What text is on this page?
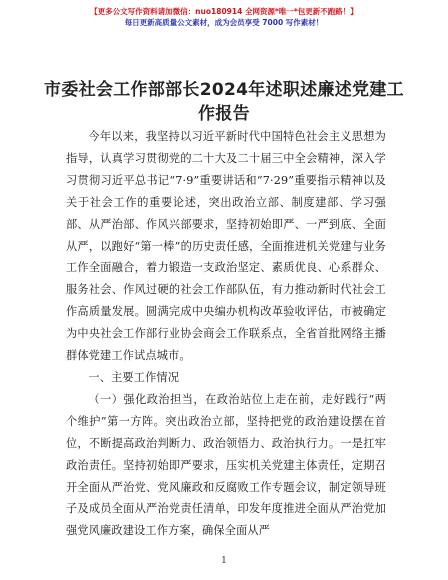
【更多公文写作资料请加微信：nuo180914 全网资源*唯一*包更新不跑路！】
每日更新高质量公文素材，成为会员享受 7000 写作素材！
市委社会工作部部长2024年述职述廉述党建工作报告

今年以来，我坚持以习近平新时代中国特色社会主义思想为指导，认真学习贯彻党的二十大及二十届三中全会精神，深入学习贯彻习近平总书记“7·9”重要讲话和“7·29”重要指示精神以及关于社会工作的重要论述，突出政治立部、制度建部、学习强部、从严治部、作风兴部要求，坚持初始即严、一严到底、全面从严，以跑好“第一棒”的历史责任感，全面推进机关党建与业务工作全面融合，着力锻造一支政治坚定、素质优良、心系群众、服务社会、作风过硬的社会工作部队伍，有力推动新时代社会工作高质量发展。圆满完成中央编办机构改革验收评估，市被确定为中央社会工作部行业协会商会工作联系点，全省首批网络主播群体党建工作试点城市。

一、主要工作情况

（一）强化政治担当，在政治站位上走在前，走好践行“两个维护”第一方阵。突出政治立部，坚持把党的政治建设摆在首位，不断提高政治判断力、政治领悟力、政治执行力。一是扛牢政治责任。坚持初始即严要求，压实机关党建主体责任，定期召开全面从严治党、党风廉政和反腐败工作专题会议，制定领导班子及成员全面从严治党责任清单，印发年度推进全面从严治党加强党风廉政建设工作方案，确保全面从严

1
